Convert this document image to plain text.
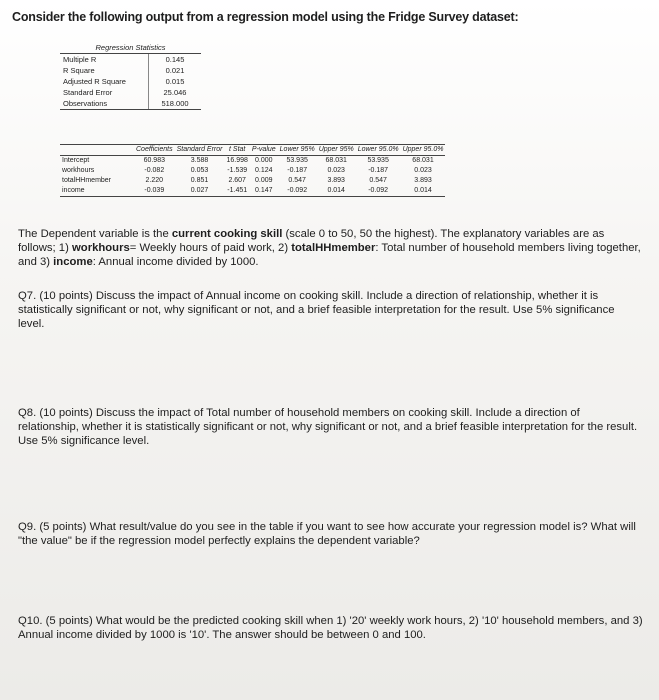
Consider the following output from a regression model using the Fridge Survey dataset:
Regression Statistics	
Multiple R	0.145
R Square	0.021
Adjusted R Square	0.015
Standard Error	25.046
Observations	518.000
	Coefficients	Standard Error	t Stat	P-value	Lower 95%	Upper 95%	Lower 95.0%	Upper 95.0%
Intercept	60.983	3.588	16.998	0.000	53.935	68.031	53.935	68.031
workhours	-0.082	0.053	-1.539	0.124	-0.187	0.023	-0.187	0.023
totalHHmember	2.220	0.851	2.607	0.009	0.547	3.893	0.547	3.893
income	-0.039	0.027	-1.451	0.147	-0.092	0.014	-0.092	0.014
The Dependent variable is the current cooking skill (scale 0 to 50, 50 the highest). The explanatory variables are as follows; 1) workhours= Weekly hours of paid work, 2) totalHHmember: Total number of household members living together, and 3) income: Annual income divided by 1000.
Q7. (10 points) Discuss the impact of Annual income on cooking skill. Include a direction of relationship, whether it is statistically significant or not, why significant or not, and a brief feasible interpretation for the result. Use 5% significance level.
Q8. (10 points) Discuss the impact of Total number of household members on cooking skill. Include a direction of relationship, whether it is statistically significant or not, why significant or not, and a brief feasible interpretation for the result. Use 5% significance level.
Q9. (5 points) What result/value do you see in the table if you want to see how accurate your regression model is? What will "the value" be if the regression model perfectly explains the dependent variable?
Q10. (5 points) What would be the predicted cooking skill when 1) '20' weekly work hours, 2) '10' household members, and 3) Annual income divided by 1000 is '10'. The answer should be between 0 and 100.
